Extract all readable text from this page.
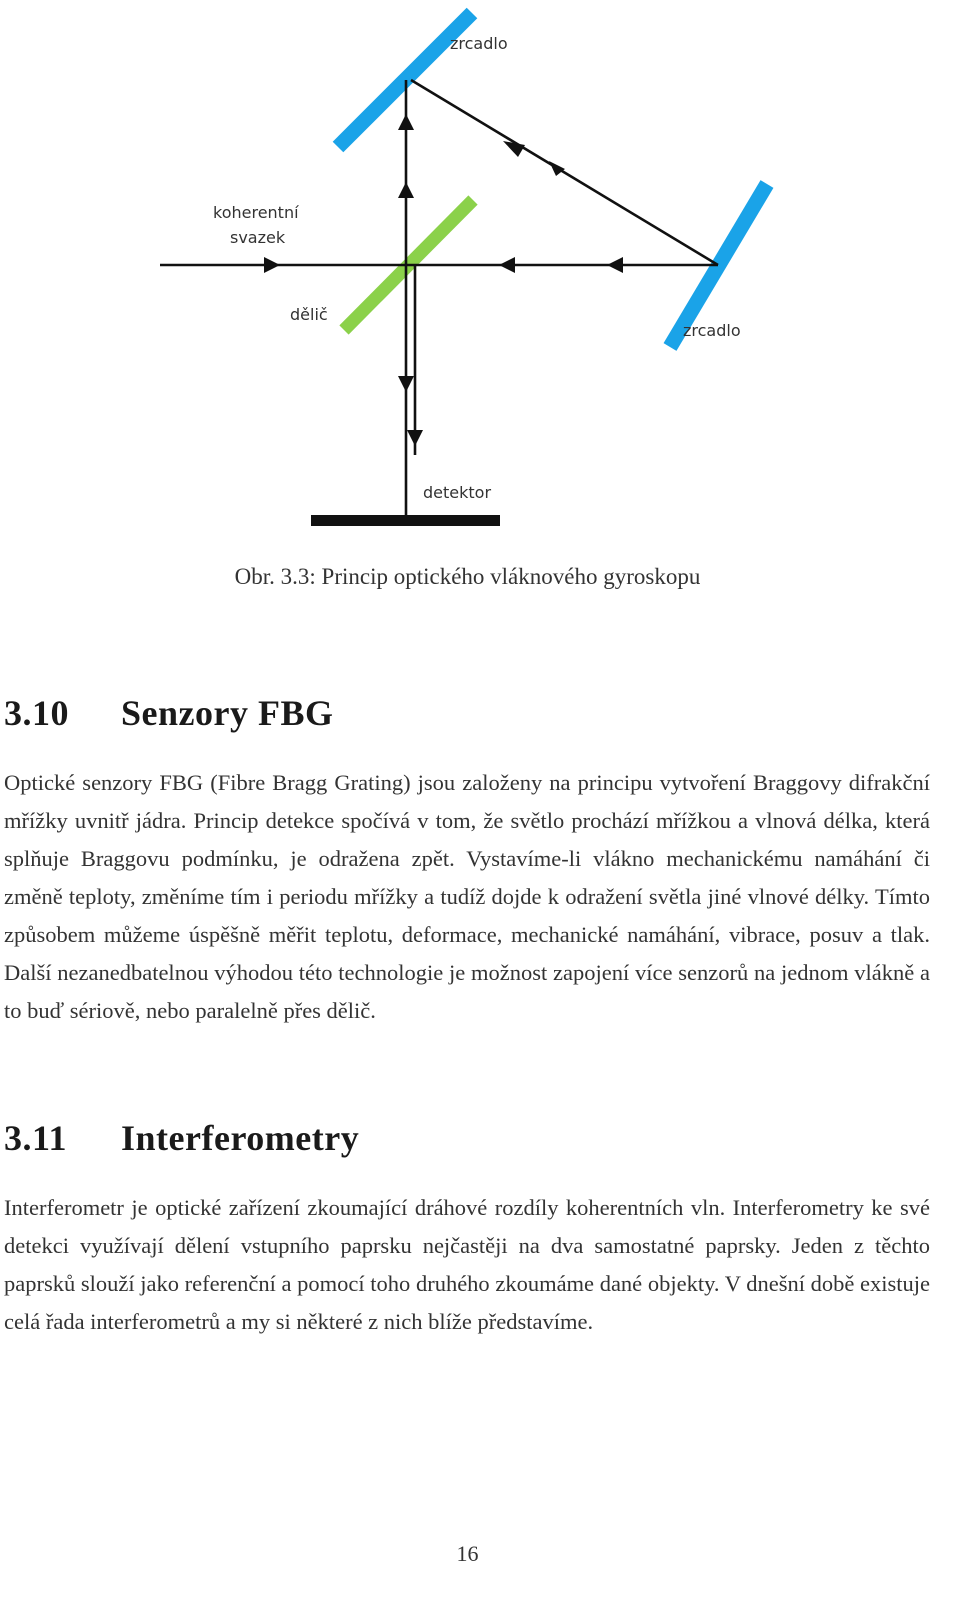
zrcadlo
zrcadlo
koherentní
svazek
dělič
detektor
Obr. 3.3: Princip optického vláknového gyroskopu
3.10 Senzory FBG

Optické senzory FBG (Fibre Bragg Grating) jsou založeny na principu vytvoření Braggovy difrakční mřížky uvnitř jádra. Princip detekce spočívá v tom, že světlo prochází mřížkou a vlnová délka, která splňuje Braggovu podmínku, je odražena zpět. Vystavíme-li vlákno mechanickému namáhání či změně teploty, změníme tím i periodu mřížky a tudíž dojde k odražení světla jiné vlnové délky. Tímto způsobem můžeme úspěšně měřit teplotu, deformace, mechanické namáhání, vibrace, posuv a tlak. Další nezanedbatelnou výhodou této technologie je možnost zapojení více senzorů na jednom vlákně a to buď sériově, nebo paralelně přes dělič.

3.11 Interferometry

Interferometr je optické zařízení zkoumající dráhové rozdíly koherentních vln. Interferometry ke své detekci využívají dělení vstupního paprsku nejčastěji na dva samostatné paprsky. Jeden z těchto paprsků slouží jako referenční a pomocí toho druhého zkoumáme dané objekty. V dnešní době existuje celá řada interferometrů a my si některé z nich blíže představíme.

16
